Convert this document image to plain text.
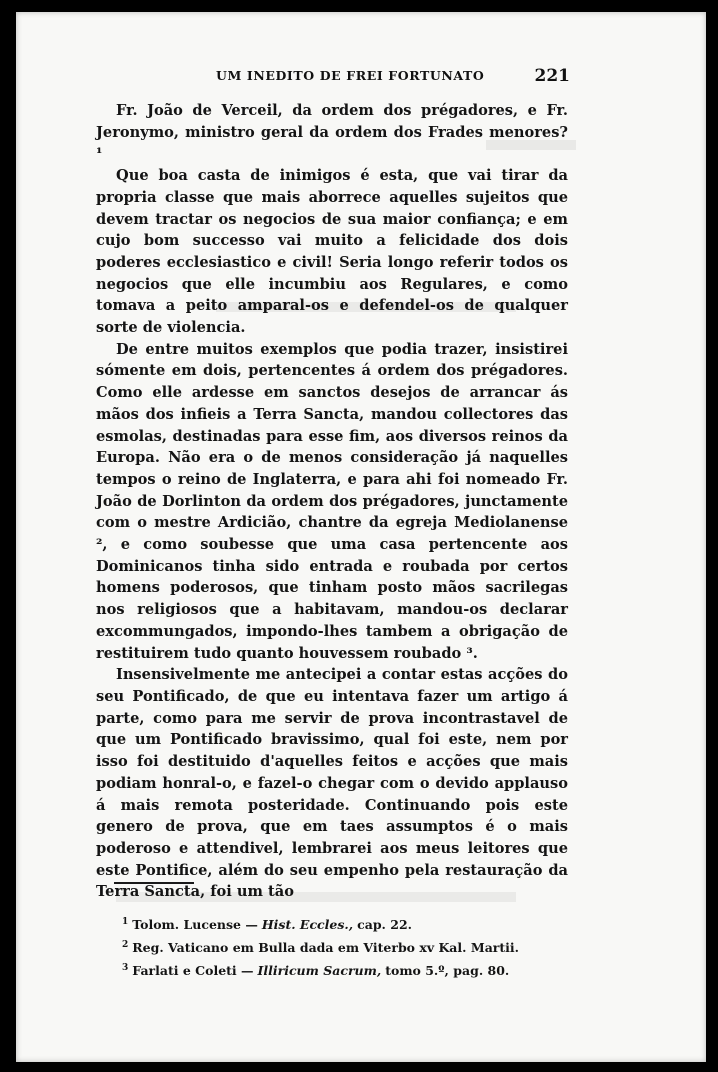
UM INEDITO DE FREI FORTUNATO	221

Fr. João de Verceil, da ordem dos prégadores, e Fr. Jeronymo, ministro geral da ordem dos Frades menores? ¹

Que boa casta de inimigos é esta, que vai tirar da propria classe que mais aborrece aquelles sujeitos que devem tractar os negocios de sua maior confiança; e em cujo bom successo vai muito a felicidade dos dois poderes ecclesiastico e civil! Seria longo referir todos os negocios que elle incumbiu aos Regulares, e como tomava a peito amparal-os e defendel-os de qualquer sorte de violencia.

De entre muitos exemplos que podia trazer, insistirei sómente em dois, pertencentes á ordem dos prégadores. Como elle ardesse em sanctos desejos de arrancar ás mãos dos infieis a Terra Sancta, mandou collectores das esmolas, destinadas para esse fim, aos diversos reinos da Europa. Não era o de menos consideração já naquelles tempos o reino de Inglaterra, e para ahi foi nomeado Fr. João de Dorlinton da ordem dos prégadores, junctamente com o mestre Ardicião, chantre da egreja Mediolanense ², e como soubesse que uma casa pertencente aos Dominicanos tinha sido entrada e roubada por certos homens poderosos, que tinham posto mãos sacrilegas nos religiosos que a habitavam, mandou-os declarar excommungados, impondo-lhes tambem a obrigação de restituirem tudo quanto houvessem roubado ³.

Insensivelmente me antecipei a contar estas acções do seu Pontificado, de que eu intentava fazer um artigo á parte, como para me servir de prova incontrastavel de que um Pontificado bravissimo, qual foi este, nem por isso foi destituido d'aquelles feitos e acções que mais podiam honral-o, e fazel-o chegar com o devido applauso á mais remota posteridade. Continuando pois este genero de prova, que em taes assumptos é o mais poderoso e attendivel, lembrarei aos meus leitores que este Pontifice, além do seu empenho pela restauração da Terra Sancta, foi um tão

$^1$ Tolom. Lucense — Hist. Eccles., cap. 22.
$^2$ Reg. Vaticano em Bulla dada em Viterbo xv Kal. Martii.
$^3$ Farlati e Coleti — Illiricum Sacrum, tomo 5.º, pag. 80.
